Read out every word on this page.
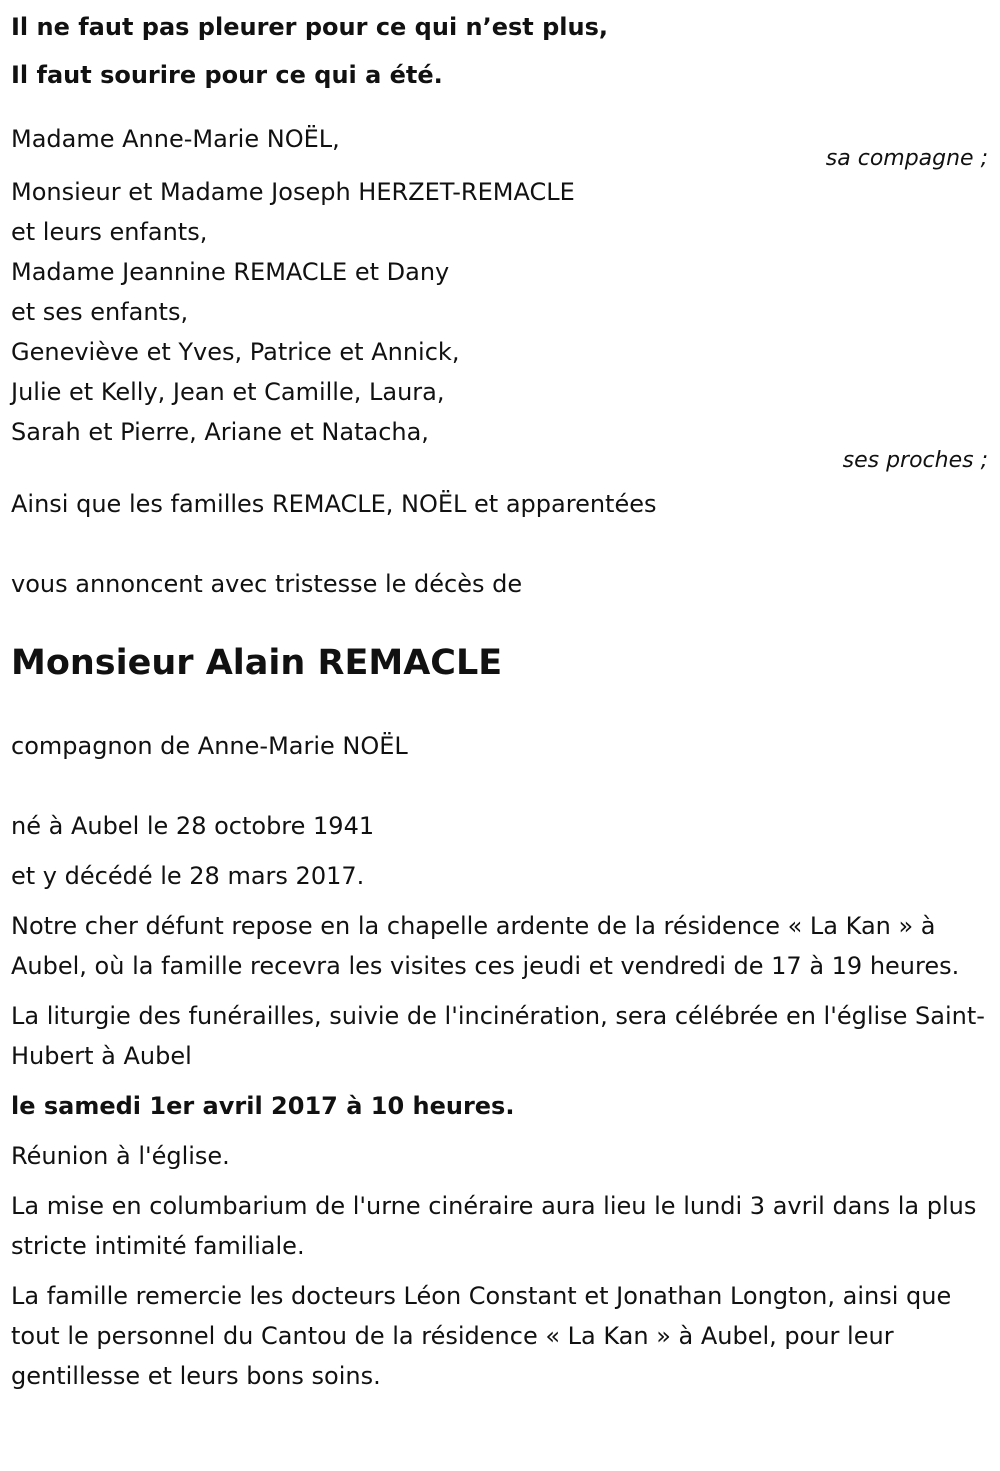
Il ne faut pas pleurer pour ce qui n’est plus,

Il faut sourire pour ce qui a été.

Madame Anne-Marie NOËL,

sa compagne ;

Monsieur et Madame Joseph HERZET-REMACLE

et leurs enfants,

Madame Jeannine REMACLE et Dany

et ses enfants,

Geneviève et Yves, Patrice et Annick,

Julie et Kelly, Jean et Camille, Laura,

Sarah et Pierre, Ariane et Natacha,

ses proches ;

Ainsi que les familles REMACLE, NOËL et apparentées

vous annoncent avec tristesse le décès de

Monsieur Alain REMACLE

compagnon de Anne-Marie NOËL

né à Aubel le 28 octobre 1941

et y décédé le 28 mars 2017.

Notre cher défunt repose en la chapelle ardente de la résidence « La Kan » à Aubel, où la famille recevra les visites ces jeudi et vendredi de 17 à 19 heures.

La liturgie des funérailles, suivie de l'incinération, sera célébrée en l'église Saint-Hubert à Aubel

le samedi 1er avril 2017 à 10 heures.

Réunion à l'église.

La mise en columbarium de l'urne cinéraire aura lieu le lundi 3 avril dans la plus stricte intimité familiale.

La famille remercie les docteurs Léon Constant et Jonathan Longton, ainsi que tout le personnel du Cantou de la résidence « La Kan » à Aubel, pour leur gentillesse et leurs bons soins.
